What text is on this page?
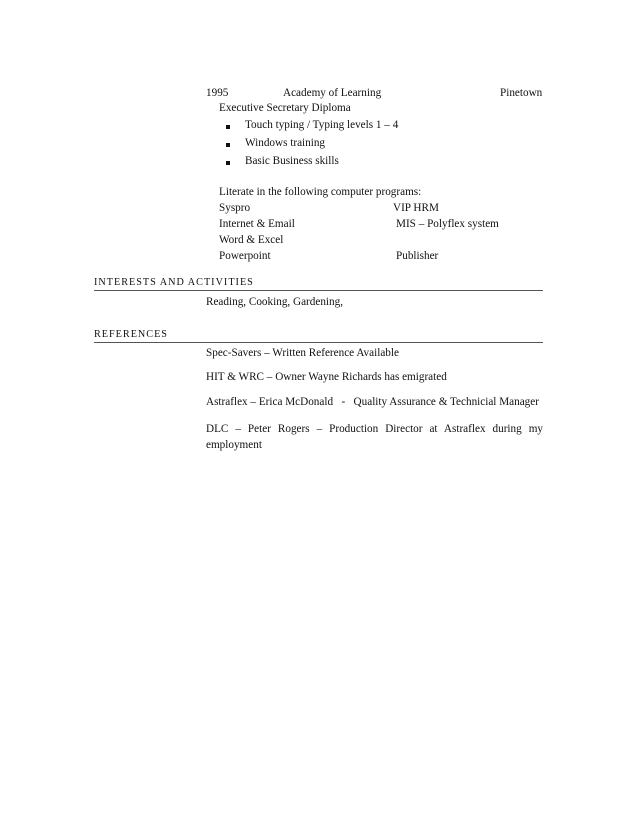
1995	Academy of Learning	Pinetown
Executive Secretary Diploma
Touch typing / Typing levels 1 – 4
Windows training
Basic Business skills
Literate in the following computer programs:
Syspro
Internet & Email
Word & Excel
Powerpoint
VIP HRM
MIS – Polyflex system
Publisher
INTERESTS AND ACTIVITIES
Reading, Cooking, Gardening,
REFERENCES
Spec-Savers – Written Reference Available
HIT & WRC – Owner Wayne Richards has emigrated
Astraflex – Erica McDonald   -   Quality Assurance & Technicial Manager
DLC – Peter Rogers – Production Director at Astraflex during my employment
